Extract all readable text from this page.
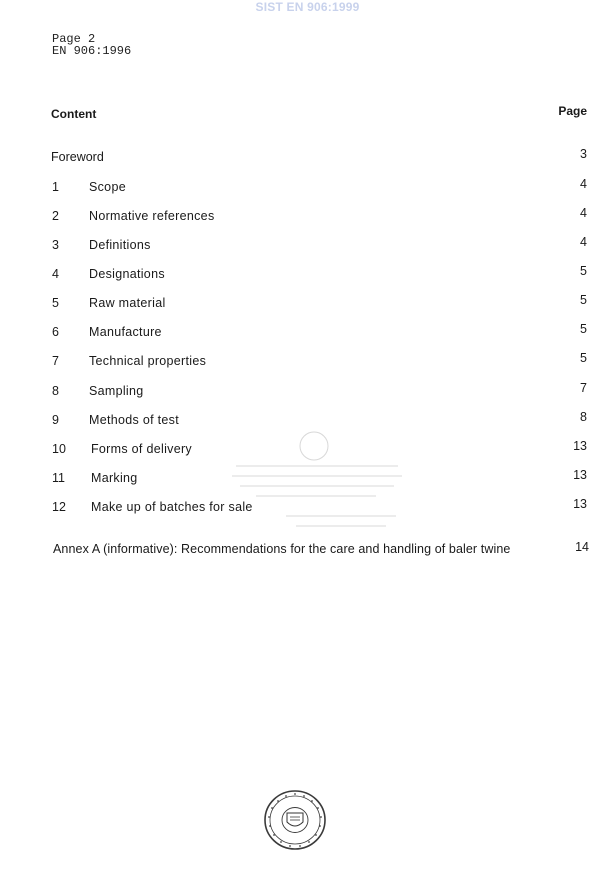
SIST EN 906:1999
Page 2
EN 906:1996
Content	Page
Foreword	3
1 Scope	4
2 Normative references	4
3 Definitions	4
4 Designations	5
5 Raw material	5
6 Manufacture	5
7 Technical properties	5
8 Sampling	7
9 Methods of test	8
10 Forms of delivery	13
11 Marking	13
12 Make up of batches for sale	13
Annex A (informative): Recommendations for the care and handling of baler twine	14
